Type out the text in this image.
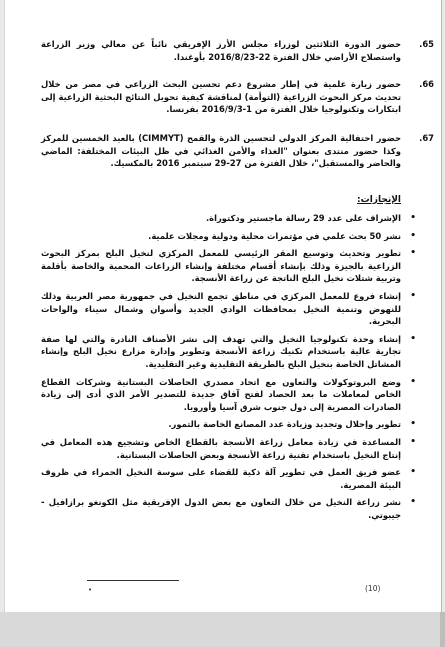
.65
حضور الدورة الثلاثثين لوزراء مجلس الأرز الإفريقي نائباً عن معالي وزير الزراعة واستصلاح الأراضي خلال الفترة 22-2016/8/23 بأوغندا.
.66
حضور زيارة علمية في إطار مشروع دعم تحسين البحث الزراعي في مصر من خلال تحديث مركز البحوث الزراعية (التوأمة) لمناقشة كيفية تحويل النتائج البحثية الزراعية إلى ابتكارات وتكنولوجيا خلال الفترة من 1-2016/9/3 بفرنسا.
.67
حضور احتفالية المركز الدولي لتحسين الذرة والقمح (CIMMYT) بالعيد الخمسين للمركز وكذا حضور منتدى بعنوان "الغذاء والأمن الغذائي في ظل البيئات المختلفة: الماضي والحاضر والمستقبل"، خلال الفترة من 27-29 سبتمبر 2016 بالمكسيك.
الإنجازات:
•
الإشراف على عدد 29 رسالة ماجستير ودكتوراة.
•
نشر 50 بحث علمي في مؤتمرات محلية ودولية ومجلات علمية.
•
تطوير وتحديث وتوسيع المقر الرئيسي للمعمل المركزي لنخيل البلح بمركز البحوث الزراعية بالجيزة وذلك بإنشاء أقسام مختلفة وإنشاء الزراعات المحمية والخاصة بأقلمة وتربية شتلات نخيل البلح الناتجة عن زراعة الأنسجة.
•
إنشاء فروع للمعمل المركزي في مناطق تجمع النخيل في جمهورية مصر العربية وذلك للنهوض وتنمية النخيل بمحافظات الوادي الجديد وأسوان وشمال سيناء والواحات البحرية.
•
إنشاء وحدة تكنولوجيا النخيل والتي تهدف إلى نشر الأصناف النادرة والتي لها صفة تجارية عالية باستخدام تكنيك زراعة الأنسجة وتطوير وإدارة مزارع نخيل البلح وإنشاء المشاتل الخاصة بنخيل البلح بالطريقة التقليدية وغير التقليدية.
•
وضع البروتوكولات والتعاون مع اتحاد مصدري الحاصلات البستانية وشركات القطاع الخاص لمعاملات ما بعد الحصاد لفتح آفاق جديدة للتصدير الأمر الذي أدى إلى زيادة الصادرات المصرية إلى دول جنوب شرق آسيا وأوروبا.
•
تطوير وإحلال وتجديد وزيادة عدد المصانع الخاصة بالتمور.
•
المساعدة في زيادة معامل زراعة الأنسجة بالقطاع الخاص وتشجيع هذه المعامل في إنتاج النخيل باستخدام تقنية زراعة الأنسجة وبعض الحاصلات البستانية.
•
عضو فريق العمل في تطوير آلة ذكية للقضاء على سوسة النخيل الحمراء في ظروف البيئة المصرية.
•
نشر زراعة النخيل من خلال التعاون مع بعض الدول الإفريقية مثل الكونغو برازافيل - جيبوتي.
•	(10)
